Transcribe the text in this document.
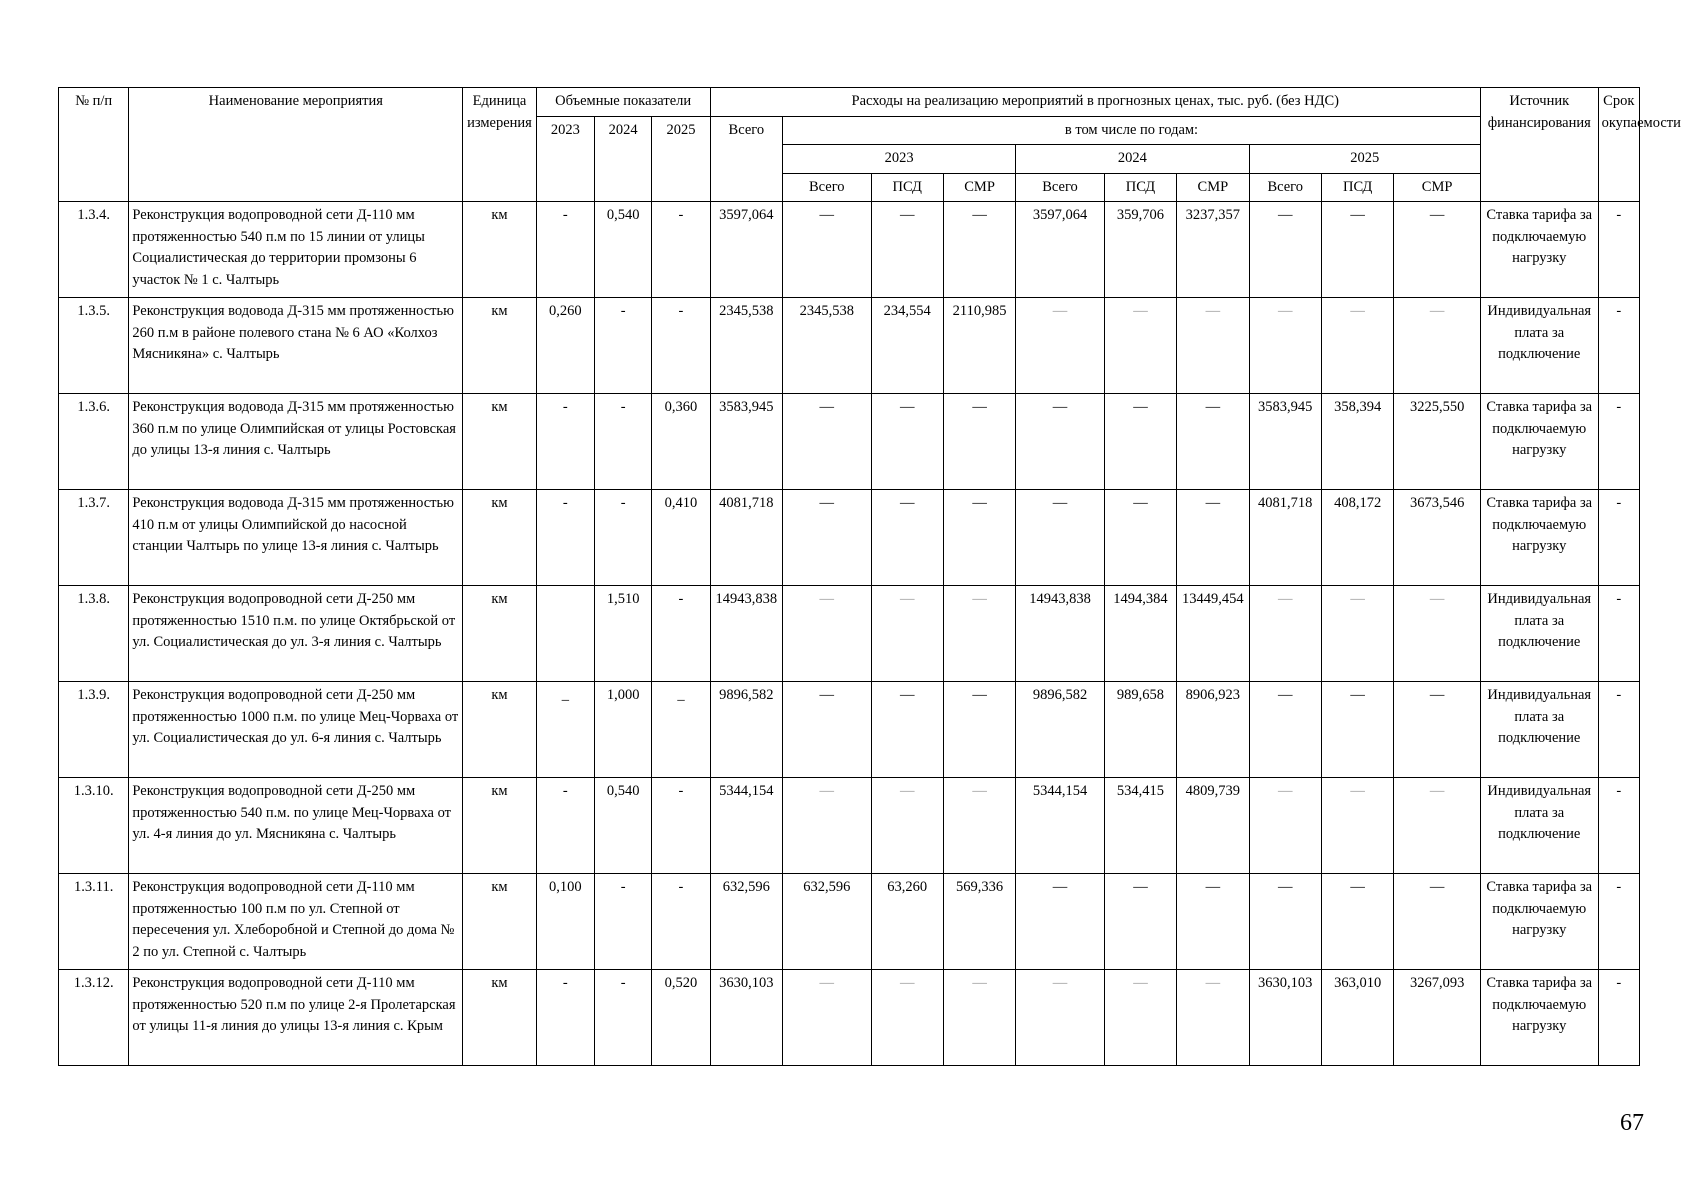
№ п/п	Наименование мероприятия	Единица измерения	Объемные показатели			Расходы на реализацию мероприятий в прогнозных ценах, тыс. руб. (без НДС)										Источник финансирования	Срок окупаемости
			2023	2024	2025	Всего	в том числе по годам:										
							2023			2024			2025				
							Всего	ПСД	СМР	Всего	ПСД	СМР	Всего	ПСД	СМР		
1.3.4.	Реконструкция водопроводной сети Д-110 мм протяженностью 540 п.м по 15 линии от улицы Социалистическая до территории промзоны 6 участок № 1 с. Чалтырь	км	-	0,540	-	3597,064	—	—	—	3597,064	359,706	3237,357	—	—	—	Ставка тарифа за подключаемую нагрузку	-
1.3.5.	Реконструкция водовода Д-315 мм протяженностью 260 п.м в районе полевого стана № 6 АО «Колхоз Мясникяна» с. Чалтырь	км	0,260	-	-	2345,538	2345,538	234,554	2110,985	—	—	—	—	—	—	Индивидуальная плата за подключение	-
1.3.6.	Реконструкция водовода Д-315 мм протяженностью 360 п.м по улице Олимпийская от улицы Ростовская до улицы 13-я линия с. Чалтырь	км	-	-	0,360	3583,945	—	—	—	—	—	—	3583,945	358,394	3225,550	Ставка тарифа за подключаемую нагрузку	-
1.3.7.	Реконструкция водовода Д-315 мм протяженностью 410 п.м от улицы Олимпийской до насосной станции Чалтырь по улице 13-я линия с. Чалтырь	км	-	-	0,410	4081,718	—	—	—	—	—	—	4081,718	408,172	3673,546	Ставка тарифа за подключаемую нагрузку	-
1.3.8.	Реконструкция водопроводной сети Д-250 мм протяженностью 1510 п.м. по улице Октябрьской от ул. Социалистическая до ул. 3-я линия с. Чалтырь	км		1,510	-	14943,838	—	—	—	14943,838	1494,384	13449,454	—	—	—	Индивидуальная плата за подключение	-
1.3.9.	Реконструкция водопроводной сети Д-250 мм протяженностью 1000 п.м. по улице Мец-Чорваха от ул. Социалистическая до ул. 6-я линия с. Чалтырь	км	_	1,000	_	9896,582	—	—	—	9896,582	989,658	8906,923	—	—	—	Индивидуальная плата за подключение	-
1.3.10.	Реконструкция водопроводной сети Д-250 мм протяженностью 540 п.м. по улице Мец-Чорваха от ул. 4-я линия до ул. Мясникяна с. Чалтырь	км	-	0,540	-	5344,154	—	—	—	5344,154	534,415	4809,739	—	—	—	Индивидуальная плата за подключение	-
1.3.11.	Реконструкция водопроводной сети Д-110 мм протяженностью 100 п.м по ул. Степной от пересечения ул. Хлеборобной и Степной до дома № 2 по ул. Степной с. Чалтырь	км	0,100	-	-	632,596	632,596	63,260	569,336	—	—	—	—	—	—	Ставка тарифа за подключаемую нагрузку	-
1.3.12.	Реконструкция водопроводной сети Д-110 мм протяженностью 520 п.м по улице 2-я Пролетарская от улицы 11-я линия до улицы 13-я линия с. Крым	км	-	-	0,520	3630,103	—	—	—	—	—	—	3630,103	363,010	3267,093	Ставка тарифа за подключаемую нагрузку	-
67
